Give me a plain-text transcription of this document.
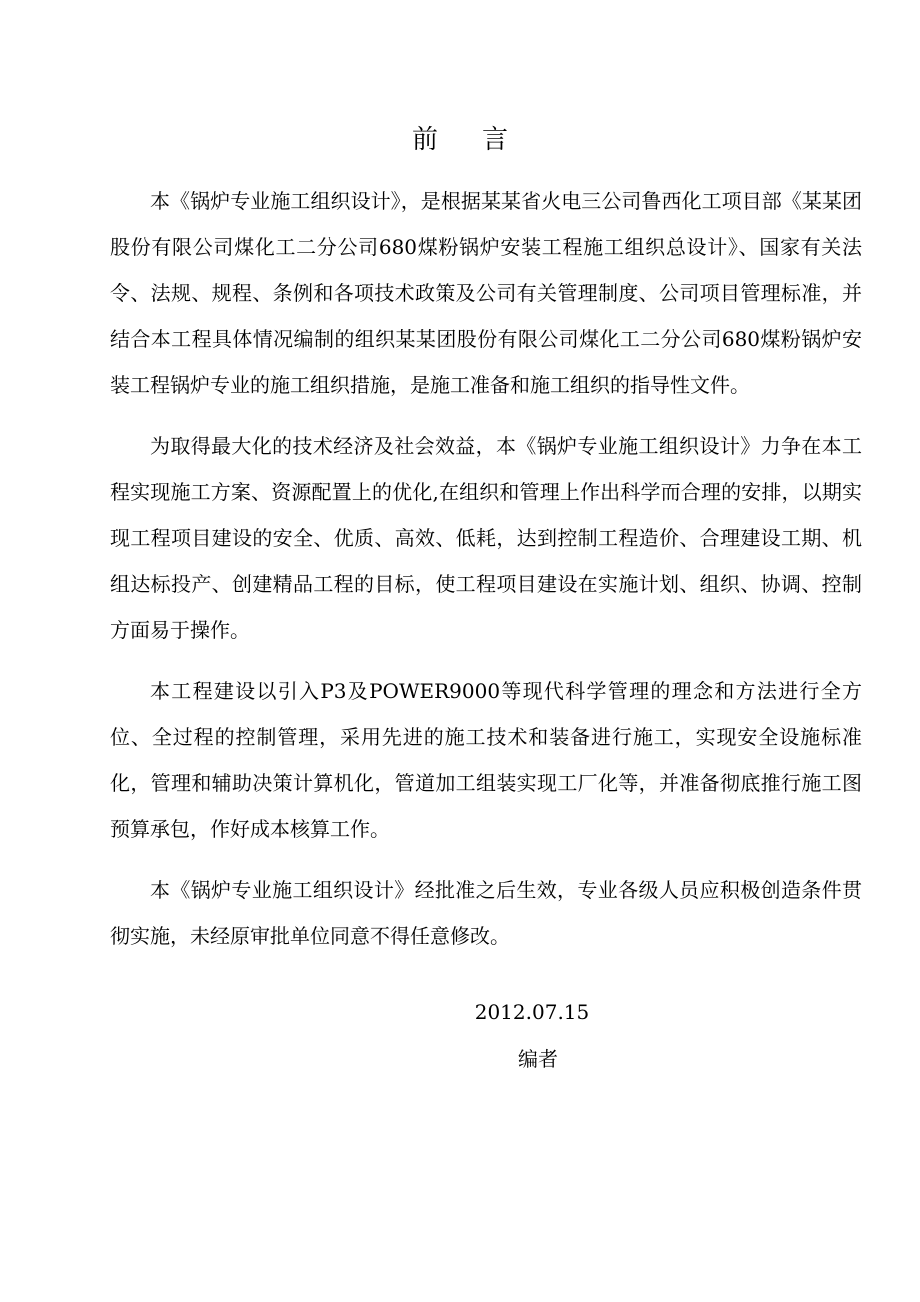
前言

本《锅炉专业施工组织设计》，是根据某某省火电三公司鲁西化工项目部《某某团股份有限公司煤化工二分公司680煤粉锅炉安装工程施工组织总设计》、国家有关法令、法规、规程、条例和各项技术政策及公司有关管理制度、公司项目管理标准，并结合本工程具体情况编制的组织某某团股份有限公司煤化工二分公司680煤粉锅炉安装工程锅炉专业的施工组织措施，是施工准备和施工组织的指导性文件。

为取得最大化的技术经济及社会效益，本《锅炉专业施工组织设计》力争在本工程实现施工方案、资源配置上的优化,在组织和管理上作出科学而合理的安排，以期实现工程项目建设的安全、优质、高效、低耗，达到控制工程造价、合理建设工期、机组达标投产、创建精品工程的目标，使工程项目建设在实施计划、组织、协调、控制方面易于操作。

本工程建设以引入P3及POWER9000等现代科学管理的理念和方法进行全方位、全过程的控制管理，采用先进的施工技术和装备进行施工，实现安全设施标准化，管理和辅助决策计算机化，管道加工组装实现工厂化等，并准备彻底推行施工图预算承包，作好成本核算工作。

本《锅炉专业施工组织设计》经批准之后生效，专业各级人员应积极创造条件贯彻实施，未经原审批单位同意不得任意修改。

2012.07.15
编者
